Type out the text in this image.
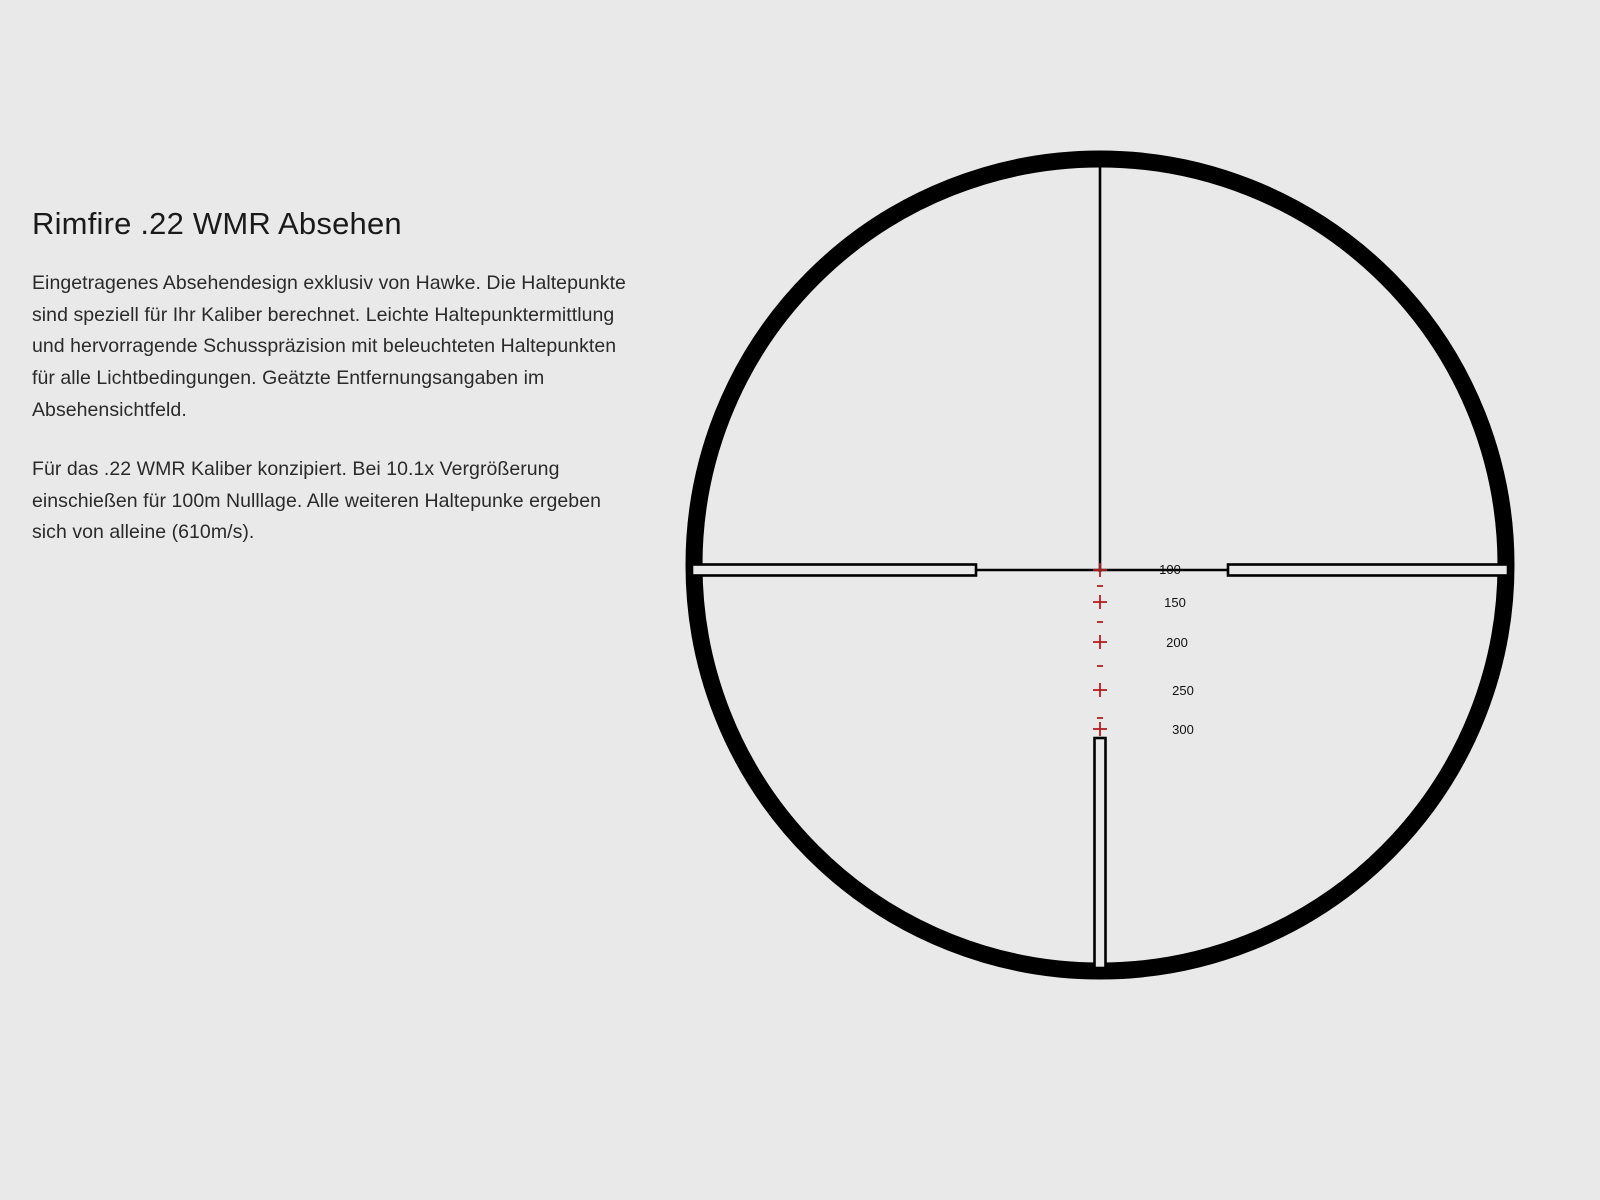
Rimfire .22 WMR Absehen

Eingetragenes Absehendesign exklusiv von Hawke. Die Haltepunkte sind speziell für Ihr Kaliber berechnet. Leichte Haltepunktermittlung und hervorragende Schusspräzision mit beleuchteten Haltepunkten für alle Lichtbedingungen. Geätzte Entfernungsangaben im Absehensichtfeld.

Für das .22 WMR Kaliber konzipiert. Bei 10.1x Vergrößerung einschießen für 100m Nulllage. Alle weiteren Haltepunke ergeben sich von alleine (610m/s).

100
150
200
250
300
